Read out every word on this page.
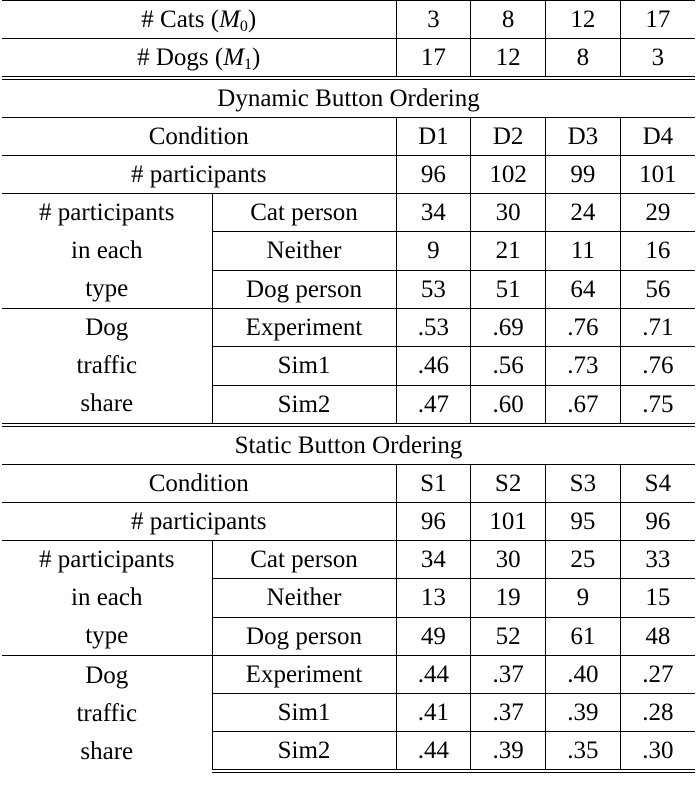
# Cats $(M_0)$		3	8	12	17
# Dogs $(M_1)$		17	12	8	3
Dynamic Button Ordering					
Condition		D1	D2	D3	D4
# participants		96	102	99	101

# participants
in each
type	Cat person	34	30	24	29
	Neither	9	21	11	16
	Dog person	53	51	64	56

Dog
traffic
share	Experiment	.53	.69	.76	.71
	Sim1	.46	.56	.73	.76
	Sim2	.47	.60	.67	.75
Static Button Ordering					
Condition		S1	S2	S3	S4
# participants		96	101	95	96

# participants
in each
type	Cat person	34	30	25	33
	Neither	13	19	9	15
	Dog person	49	52	61	48

Dog
traffic
share	Experiment	.44	.37	.40	.27
	Sim1	.41	.37	.39	.28
	Sim2	.44	.39	.35	.30
